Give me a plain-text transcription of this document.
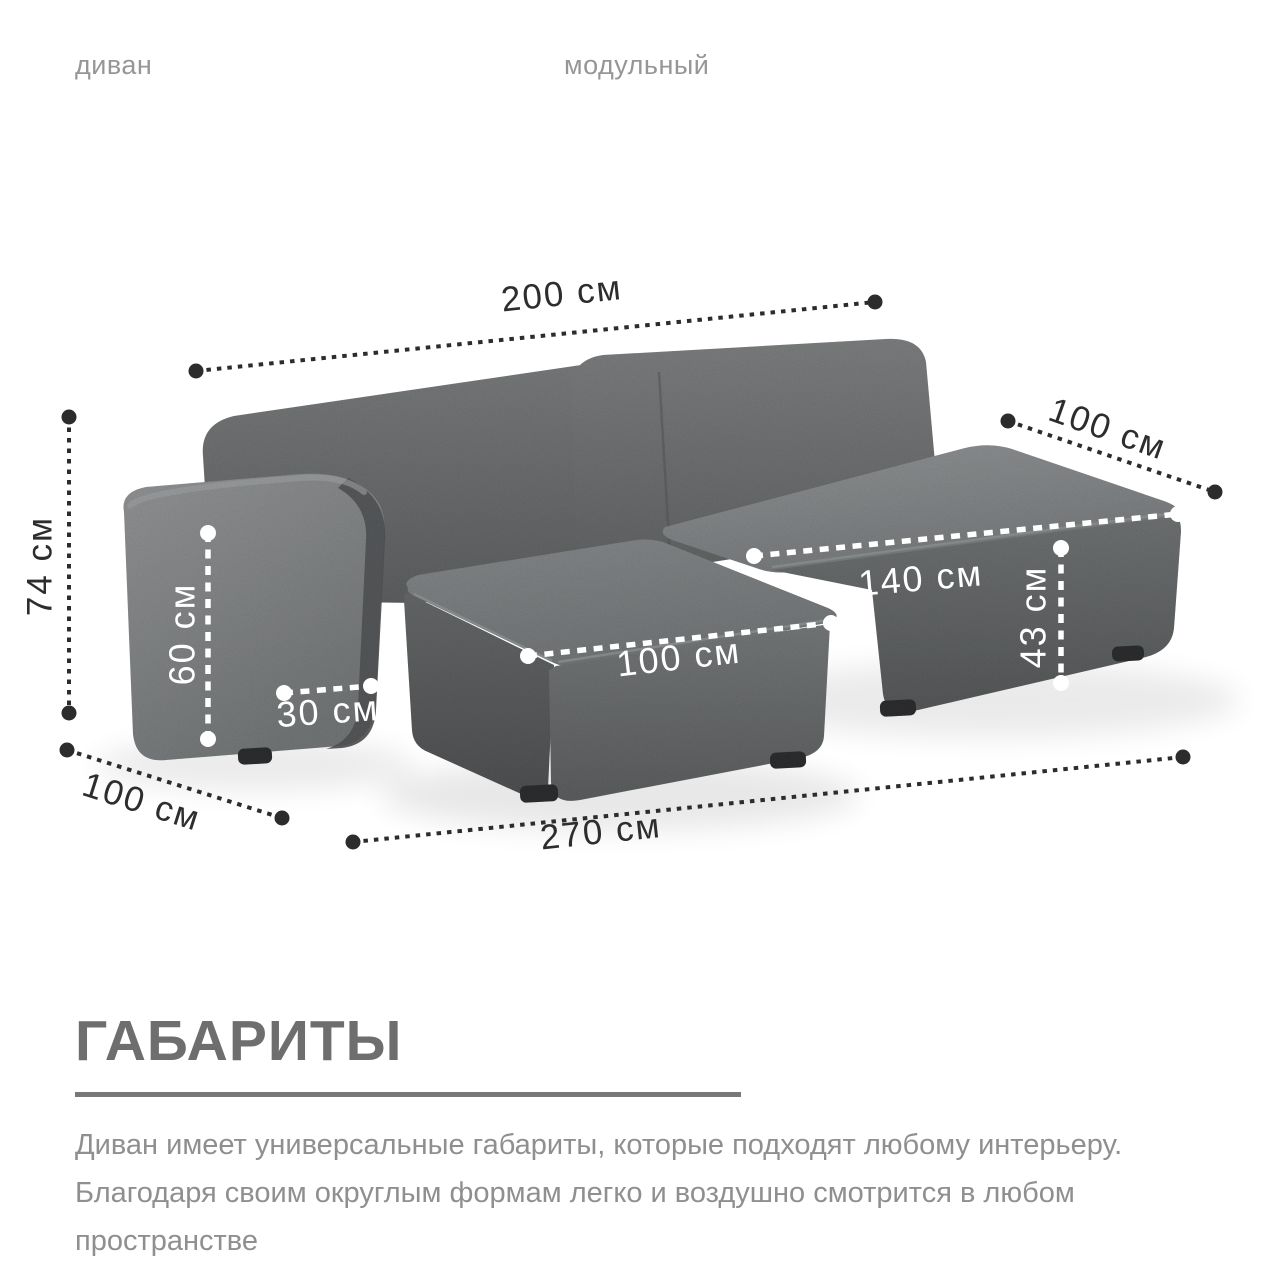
диван	модульный
200 см
100 см
74 см
100 см	270 см
60 см
30 см
100 см
140 см 43 см
ГАБАРИТЫ
Диван имеет универсальные габариты, которые подходят любому интерьеру.
Благодаря своим округлым формам легко и воздушно смотрится в любом
пространстве
